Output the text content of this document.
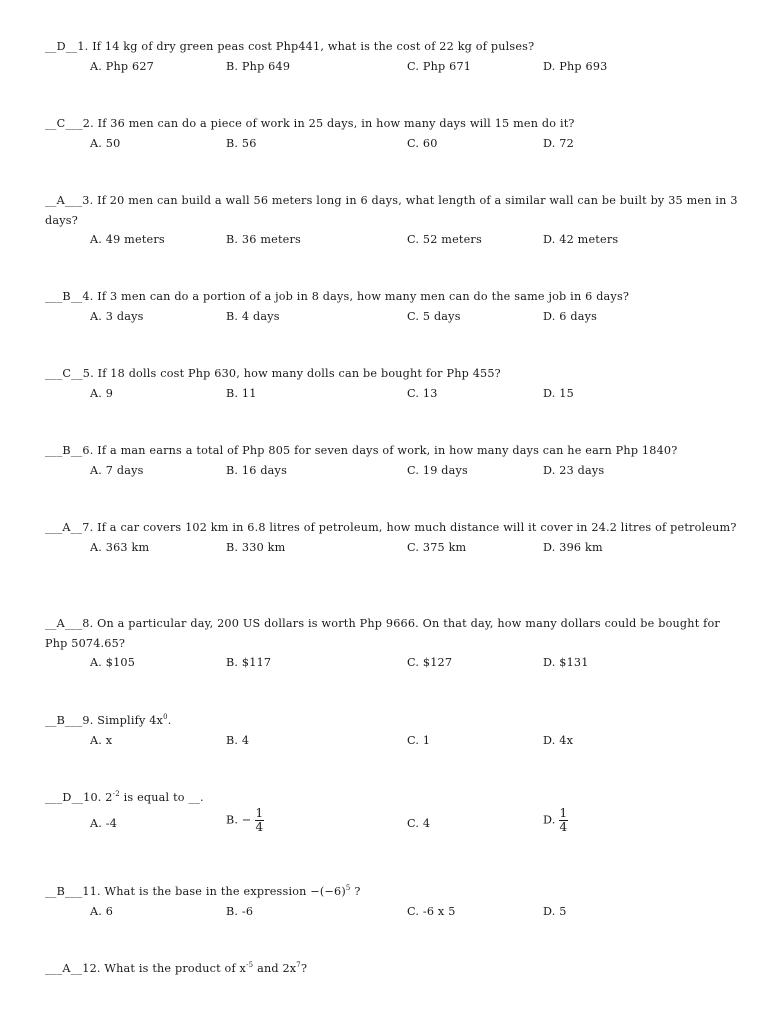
__D__1. If 14 kg of dry green peas cost Php441, what is the cost of 22 kg of pulses?
A. Php 627	B. Php 649	C. Php 671	D. Php 693
__C___2. If 36 men can do a piece of work in 25 days, in how many days will 15 men do it?
A. 50	B. 56	C. 60	D. 72
__A___3. If 20 men can build a wall 56 meters long in 6 days, what length of a similar wall can be built by 35 men in 3 days?
A. 49 meters	B. 36 meters	C. 52 meters	D. 42 meters
___B__4. If 3 men can do a portion of a job in 8 days, how many men can do the same job in 6 days?
A. 3 days	B. 4 days	C. 5 days	D. 6 days
___C__5. If 18 dolls cost Php 630, how many dolls can be bought for Php 455?
A. 9	B. 11	C. 13	D. 15
___B__6. If a man earns a total of Php 805 for seven days of work, in how many days can he earn Php 1840?
A. 7 days	B. 16 days	C. 19 days	D. 23 days
___A__7. If a car covers 102 km in 6.8 litres of petroleum, how much distance will it cover in 24.2 litres of petroleum?
A. 363 km	B. 330 km	C. 375 km	D. 396 km
__A___8. On a particular day, 200 US dollars is worth Php 9666. On that day, how many dollars could be bought for Php 5074.65?
A. $105	B. $117	C. $127	D. $131
__B___9. Simplify $4x^0$.
A. x	B. 4	C. 1	D. 4x
___D__10. $2^{-2}$ is equal to __.
A. -4	B. − $\frac{1}{4}$	C. 4	D. $\frac{1}{4}$
__B___11. What is the base in the expression $-(-6)^5$ ?
A. 6	B. -6	C. -6 x 5	D. 5
___A__12. What is the product of $x^{-5}$ and $2x^7$?
